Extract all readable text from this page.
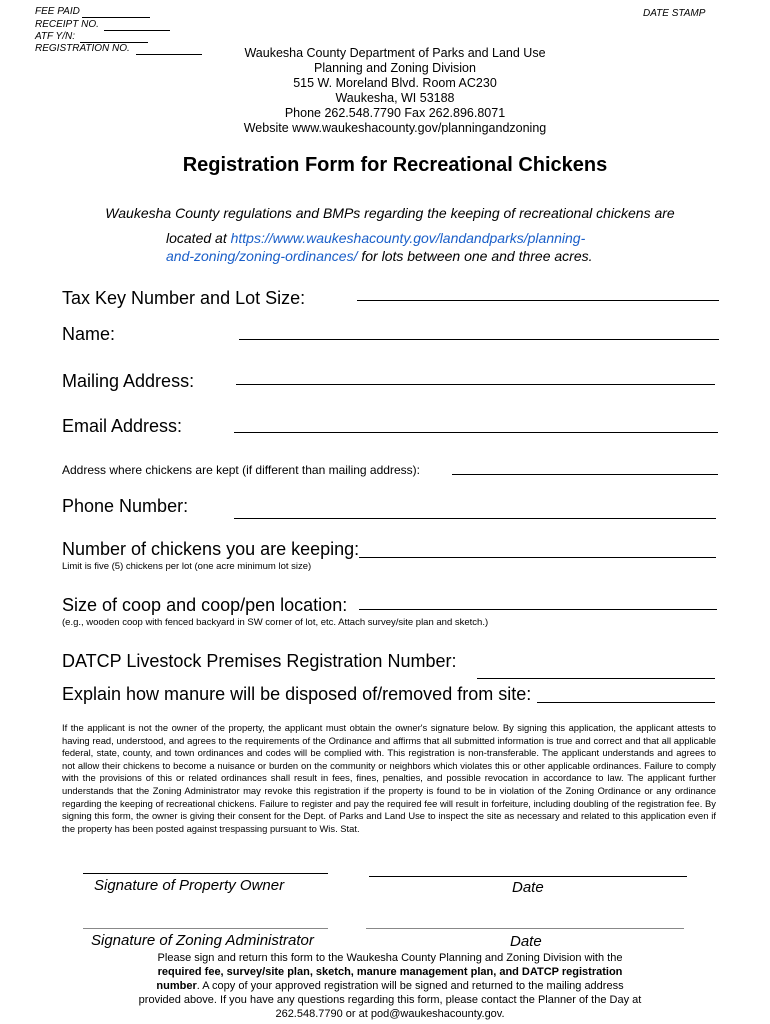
FEE PAID
RECEIPT NO.
ATF Y/N:
REGISTRATION NO.
DATE STAMP
Waukesha County Department of Parks and Land Use
Planning and Zoning Division
515 W. Moreland Blvd. Room AC230
Waukesha, WI 53188
Phone 262.548.7790 Fax 262.896.8071
Website www.waukeshacounty.gov/planningandzoning
Registration Form for Recreational Chickens
Waukesha County regulations and BMPs regarding the keeping of recreational chickens are
located at https://www.waukeshacounty.gov/landandparks/planning-
and-zoning/zoning-ordinances/ for lots between one and three acres.
Tax Key Number and Lot Size:
Name:
Mailing Address:
Email Address:
Address where chickens are kept (if different than mailing address):
Phone Number:
Number of chickens you are keeping:
Limit is five (5) chickens per lot (one acre minimum lot size)
Size of coop and coop/pen location:
(e.g., wooden coop with fenced backyard in SW corner of lot, etc. Attach survey/site plan and sketch.)
DATCP Livestock Premises Registration Number:
Explain how manure will be disposed of/removed from site:
If the applicant is not the owner of the property, the applicant must obtain the owner's signature below. By signing this application, the applicant attests to having read, understood, and agrees to the requirements of the Ordinance and affirms that all submitted information is true and correct and that all applicable federal, state, county, and town ordinances and codes will be complied with. This registration is non-transferable. The applicant understands and agrees to not allow their chickens to become a nuisance or burden on the community or neighbors which violates this or other applicable ordinances. Failure to comply with the provisions of this or related ordinances shall result in fees, fines, penalties, and possible revocation in accordance to law. The applicant further understands that the Zoning Administrator may revoke this registration if the property is found to be in violation of the Zoning Ordinance or any ordinance regarding the keeping of recreational chickens. Failure to register and pay the required fee will result in forfeiture, including doubling of the registration fee. By signing this form, the owner is giving their consent for the Dept. of Parks and Land Use to inspect the site as necessary and related to this application even if the property has been posted against trespassing pursuant to Wis. Stat.
Signature of Property Owner	Date
Signature of Zoning Administrator	Date
Please sign and return this form to the Waukesha County Planning and Zoning Division with the
required fee, survey/site plan, sketch, manure management plan, and DATCP registration
number. A copy of your approved registration will be signed and returned to the mailing address
provided above. If you have any questions regarding this form, please contact the Planner of the Day at
262.548.7790 or at pod@waukeshacounty.gov.
